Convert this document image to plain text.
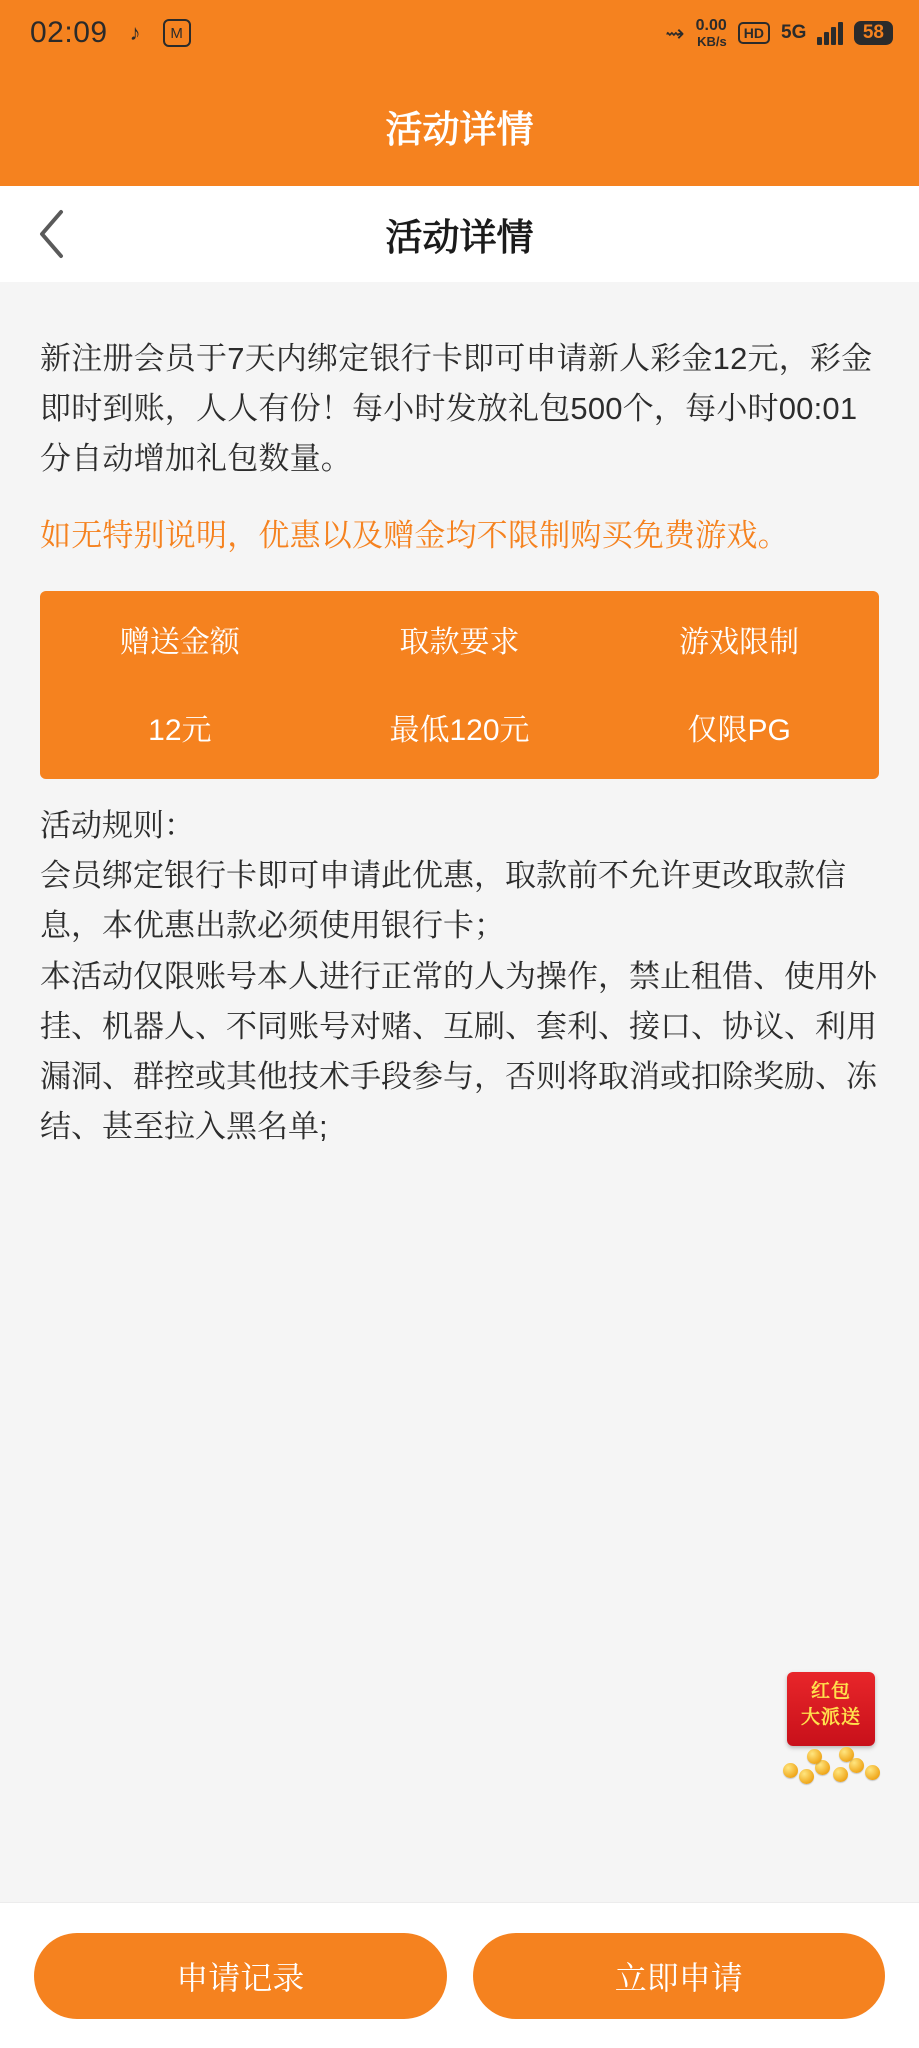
02:09	♪	M	⇝ 0.00
KB/s
HD 5G	58
活动详情
活动详情

新注册会员于7天内绑定银行卡即可申请新人彩金12元，彩金即时到账，人人有份！每小时发放礼包500个，每小时00:01分自动增加礼包数量。

如无特别说明，优惠以及赠金均不限制购买免费游戏。

赠送金额	取款要求	游戏限制
12元	最低120元	仅限PG

活动规则：

会员绑定银行卡即可申请此优惠，取款前不允许更改取款信息，本优惠出款必须使用银行卡；

本活动仅限账号本人进行正常的人为操作，禁止租借、使用外挂、机器人、不同账号对赌、互刷、套利、接口、协议、利用漏洞、群控或其他技术手段参与，否则将取消或扣除奖励、冻结、甚至拉入黑名单;

红包
大派送
申请记录	立即申请
